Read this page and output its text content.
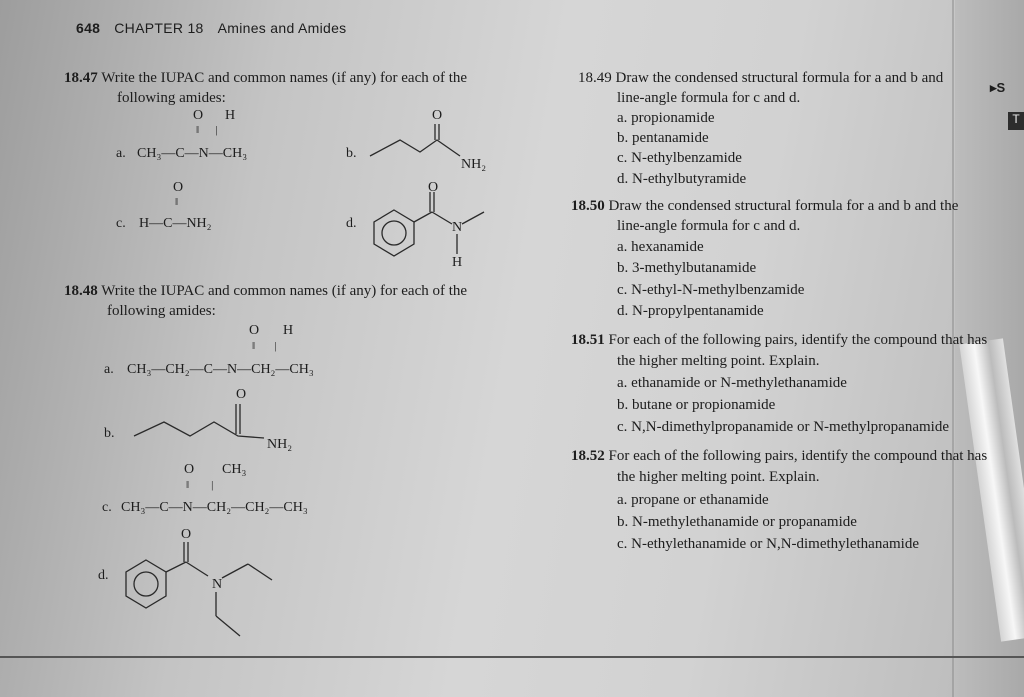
▸S
T
648 CHAPTER 18 Amines and Amides
18.47 Write the IUPAC and common names (if any) for each of the
following amides:
O H
‖      |
a. CH₃—C—N—CH₃	b.
O
NH₂
O
‖
c. H—C—NH₂	d.
O
N
H
18.48 Write the IUPAC and common names (if any) for each of the
following amides:
O H
‖       |
a. CH₃—CH₂—C—N—CH₂—CH₃
O
b.
NH₂
O CH₃
‖        |
c. CH₃—C—N—CH₂—CH₂—CH₃
O
d.
N
18.49 Draw the condensed structural formula for a and b and
line-angle formula for c and d.
a. propionamide
b. pentanamide
c. N-ethylbenzamide
d. N-ethylbutyramide
18.50 Draw the condensed structural formula for a and b and the
line-angle formula for c and d.
a. hexanamide
b. 3-methylbutanamide
c. N-ethyl-N-methylbenzamide
d. N-propylpentanamide
18.51 For each of the following pairs, identify the compound that has
the higher melting point. Explain.
a. ethanamide or N-methylethanamide
b. butane or propionamide
c. N,N-dimethylpropanamide or N-methylpropanamide
18.52 For each of the following pairs, identify the compound that has
the higher melting point. Explain.
a. propane or ethanamide
b. N-methylethanamide or propanamide
c. N-ethylethanamide or N,N-dimethylethanamide
